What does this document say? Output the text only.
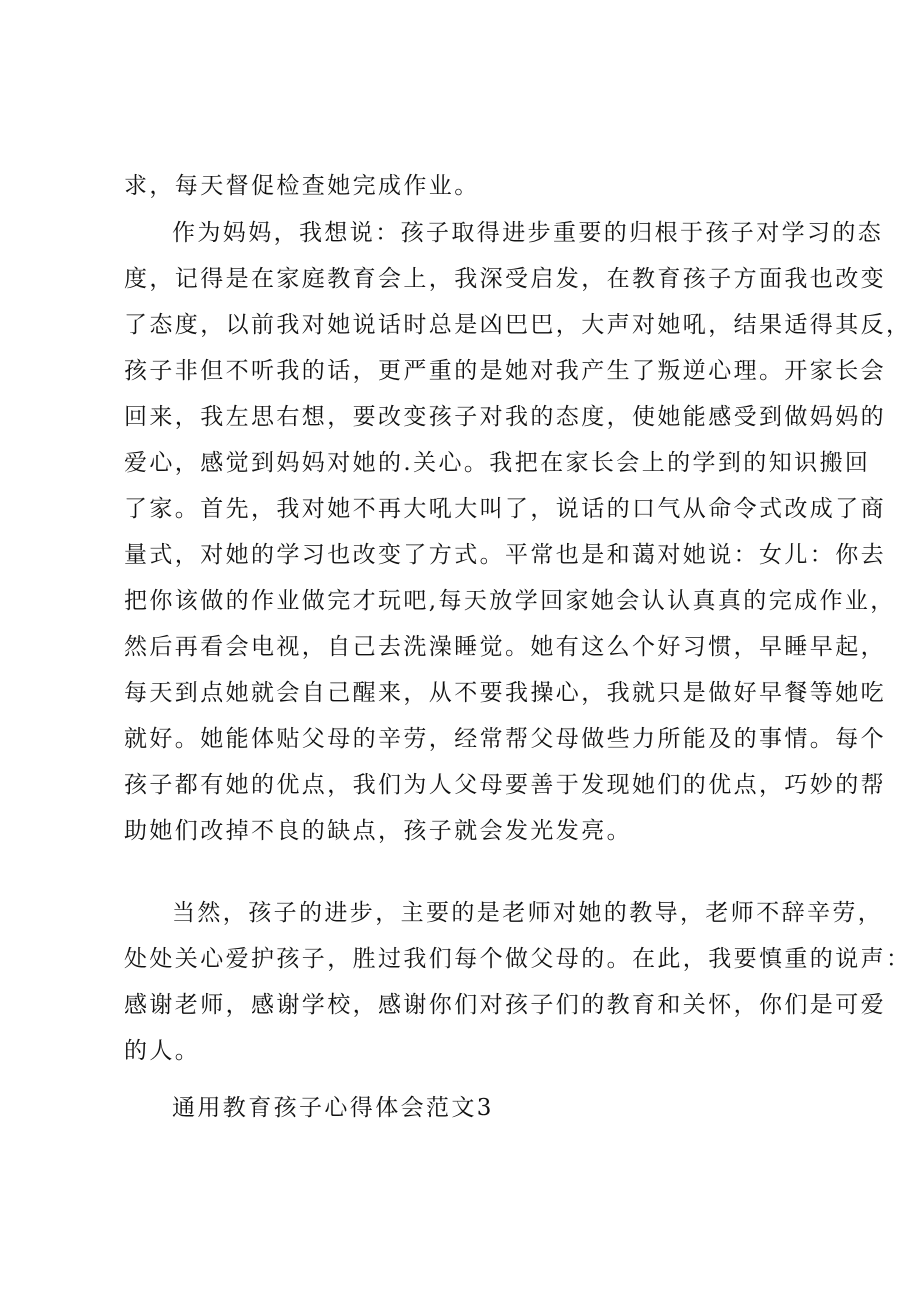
求，每天督促检查她完成作业。
作为妈妈，我想说：孩子取得进步重要的归根于孩子对学习的态
度，记得是在家庭教育会上，我深受启发，在教育孩子方面我也改变
了态度，以前我对她说话时总是凶巴巴，大声对她吼，结果适得其反，
孩子非但不听我的话，更严重的是她对我产生了叛逆心理。开家长会
回来，我左思右想，要改变孩子对我的态度，使她能感受到做妈妈的
爱心，感觉到妈妈对她的.关心。我把在家长会上的学到的知识搬回
了家。首先，我对她不再大吼大叫了，说话的口气从命令式改成了商
量式，对她的学习也改变了方式。平常也是和蔼对她说：女儿：你去
把你该做的作业做完才玩吧,每天放学回家她会认认真真的完成作业，
然后再看会电视，自己去洗澡睡觉。她有这么个好习惯，早睡早起，
每天到点她就会自己醒来，从不要我操心，我就只是做好早餐等她吃
就好。她能体贴父母的辛劳，经常帮父母做些力所能及的事情。每个
孩子都有她的优点，我们为人父母要善于发现她们的优点，巧妙的帮
助她们改掉不良的缺点，孩子就会发光发亮。
当然，孩子的进步，主要的是老师对她的教导，老师不辞辛劳，
处处关心爱护孩子，胜过我们每个做父母的。在此，我要慎重的说声：
感谢老师，感谢学校，感谢你们对孩子们的教育和关怀，你们是可爱
的人。
通用教育孩子心得体会范文3
